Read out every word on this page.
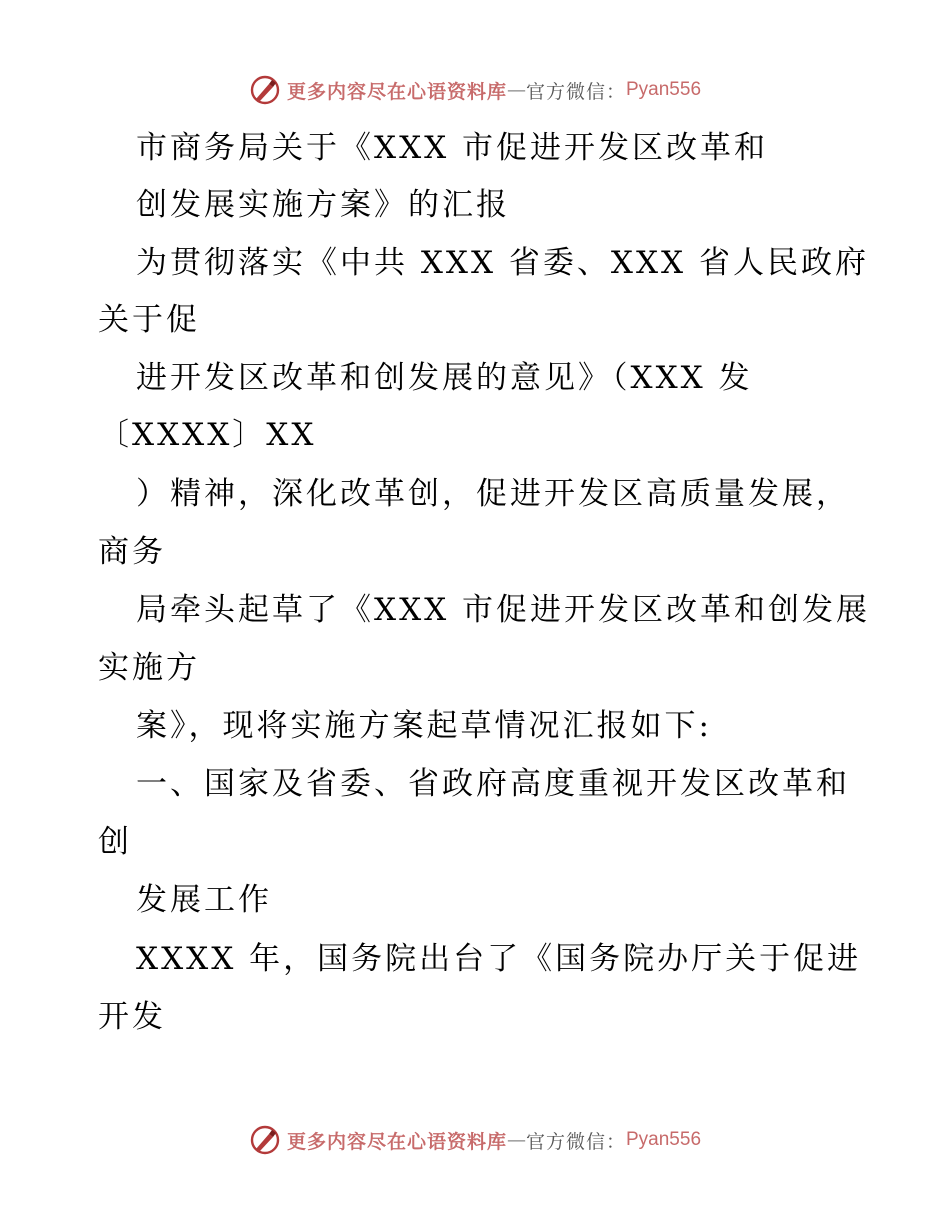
更多内容尽在心语资料库 — 官方微信： Pyan556
市商务局关于《XXX 市促进开发区改革和
创发展实施方案》的汇报
为贯彻落实《中共 XXX 省委、XXX 省人民政府
关于促
进开发区改革和创发展的意见》（XXX 发
〔XXXX〕XX
）精神，深化改革创，促进开发区高质量发展，
商务
局牵头起草了《XXX 市促进开发区改革和创发展
实施方
案》，现将实施方案起草情况汇报如下:
一、国家及省委、省政府高度重视开发区改革和
创
发展工作
XXXX 年，国务院出台了《国务院办厅关于促进
开发
更多内容尽在心语资料库 — 官方微信： Pyan556
